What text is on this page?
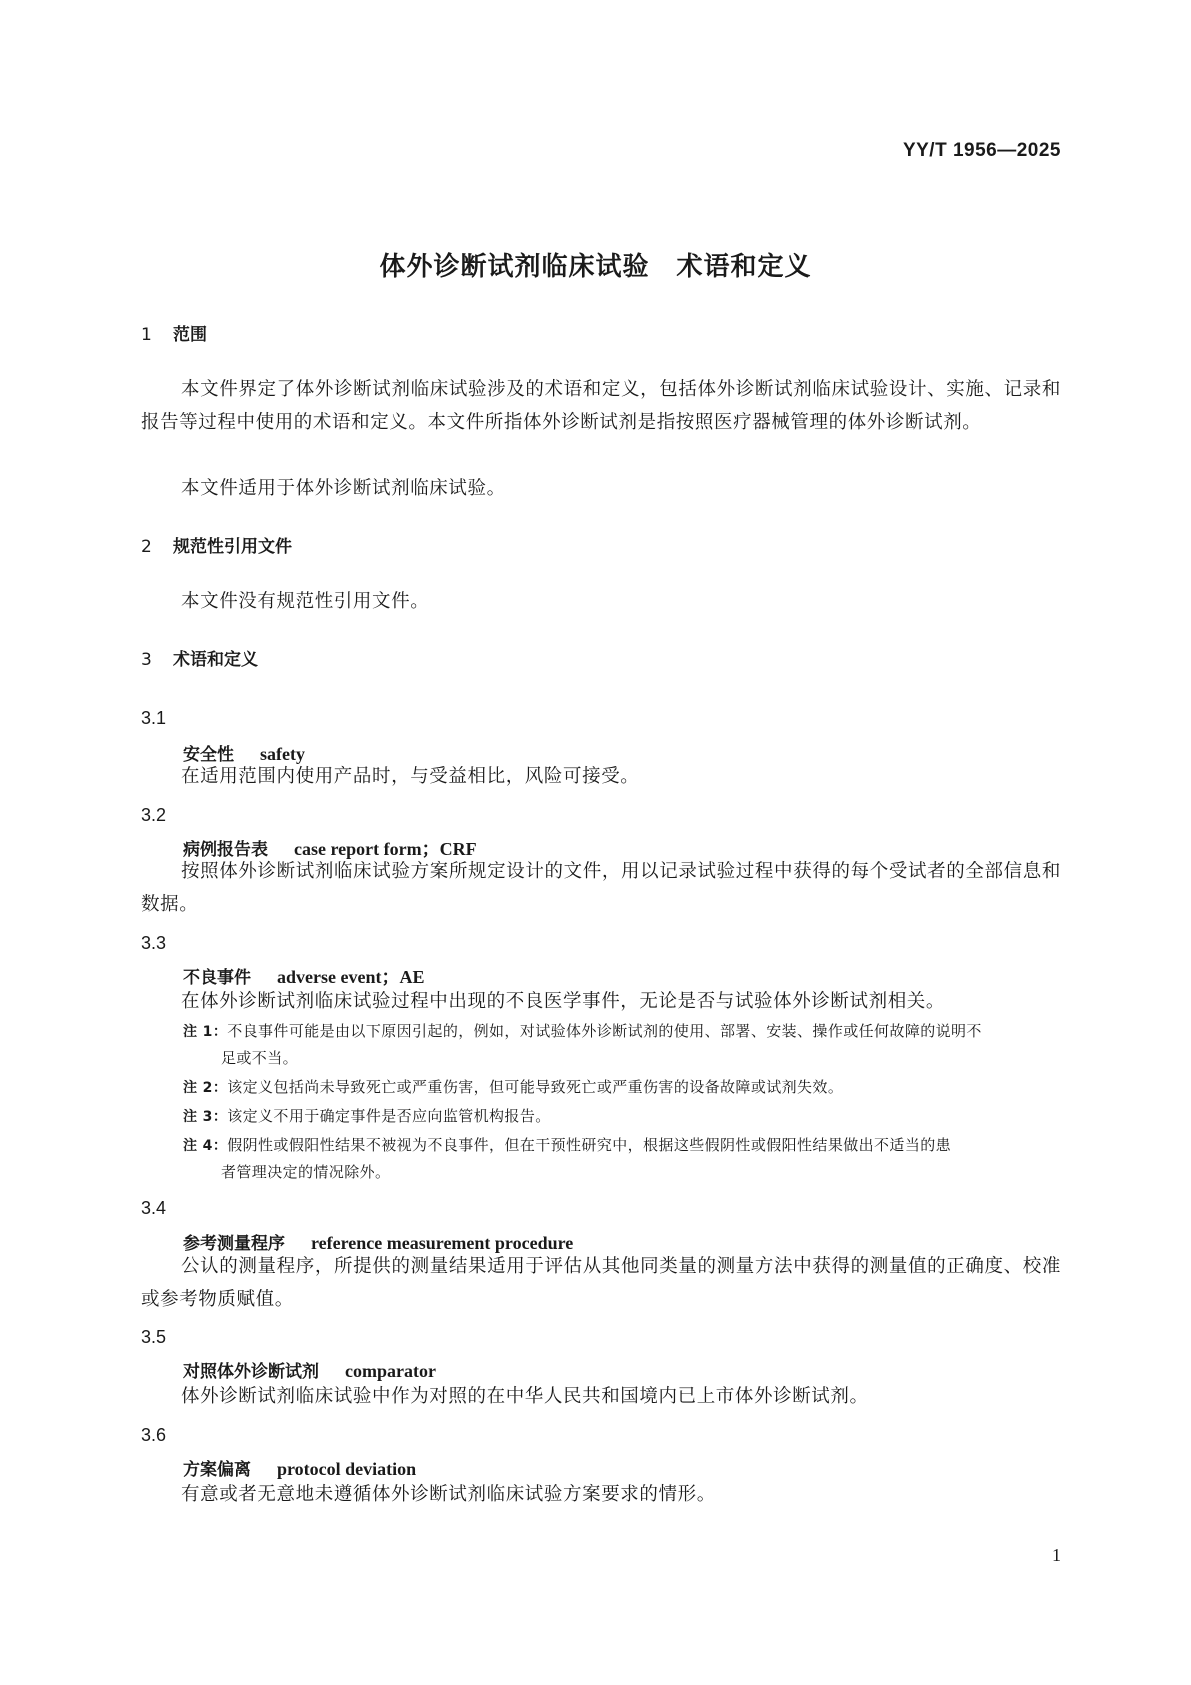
YY/T 1956—2025
体外诊断试剂临床试验　术语和定义
1 范围
本文件界定了体外诊断试剂临床试验涉及的术语和定义，包括体外诊断试剂临床试验设计、实施、记录和报告等过程中使用的术语和定义。本文件所指体外诊断试剂是指按照医疗器械管理的体外诊断试剂。
本文件适用于体外诊断试剂临床试验。
2 规范性引用文件
本文件没有规范性引用文件。
3 术语和定义
3.1
安全性 safety
在适用范围内使用产品时，与受益相比，风险可接受。
3.2
病例报告表 case report form；CRF
按照体外诊断试剂临床试验方案所规定设计的文件，用以记录试验过程中获得的每个受试者的全部信息和数据。
3.3
不良事件 adverse event；AE
在体外诊断试剂临床试验过程中出现的不良医学事件，无论是否与试验体外诊断试剂相关。
注 1：不良事件可能是由以下原因引起的，例如，对试验体外诊断试剂的使用、部署、安装、操作或任何故障的说明不
足或不当。
注 2：该定义包括尚未导致死亡或严重伤害，但可能导致死亡或严重伤害的设备故障或试剂失效。
注 3：该定义不用于确定事件是否应向监管机构报告。
注 4：假阴性或假阳性结果不被视为不良事件，但在干预性研究中，根据这些假阴性或假阳性结果做出不适当的患
者管理决定的情况除外。
3.4
参考测量程序 reference measurement procedure
公认的测量程序，所提供的测量结果适用于评估从其他同类量的测量方法中获得的测量值的正确度、校准或参考物质赋值。
3.5
对照体外诊断试剂 comparator
体外诊断试剂临床试验中作为对照的在中华人民共和国境内已上市体外诊断试剂。
3.6
方案偏离 protocol deviation
有意或者无意地未遵循体外诊断试剂临床试验方案要求的情形。
1
